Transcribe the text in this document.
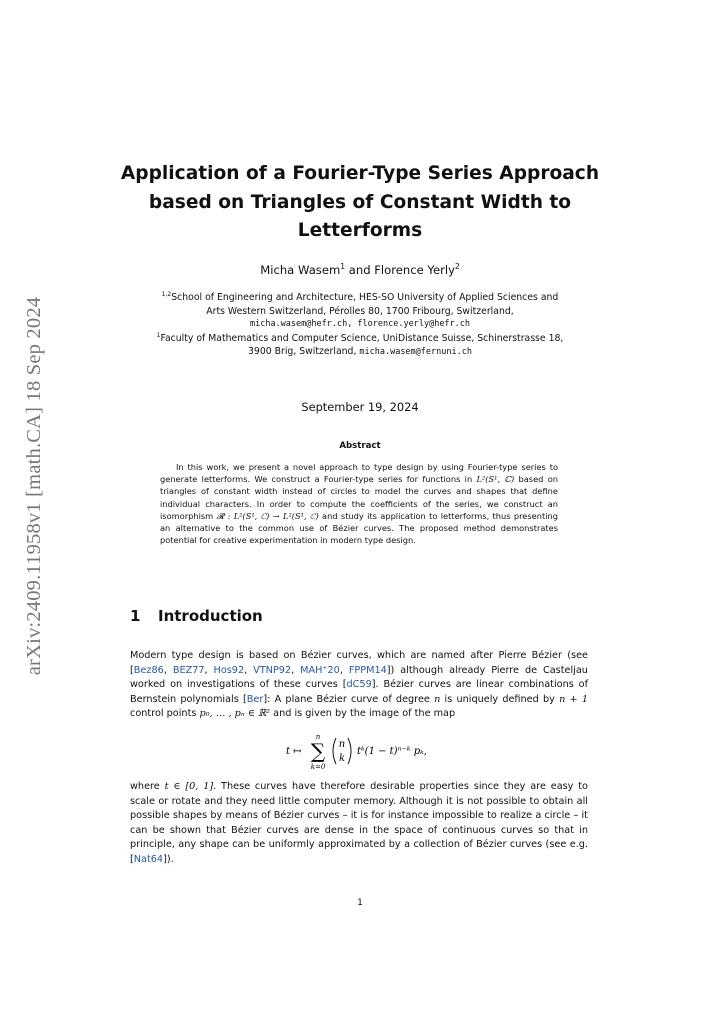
arXiv:2409.11958v1 [math.CA] 18 Sep 2024
Application of a Fourier-Type Series Approach
based on Triangles of Constant Width to
Letterforms
Micha Wasem$^1$ and Florence Yerly$^2$
$^{1,2}$School of Engineering and Architecture, HES-SO University of Applied Sciences and
Arts Western Switzerland, Pérolles 80, 1700 Fribourg, Switzerland,
micha.wasem@hefr.ch, florence.yerly@hefr.ch
$^1$Faculty of Mathematics and Computer Science, UniDistance Suisse, Schinerstrasse 18,
3900 Brig, Switzerland, micha.wasem@fernuni.ch
September 19, 2024
Abstract
In this work, we present a novel approach to type design by using Fourier-type series to generate letterforms. We construct a Fourier-type series for functions in L²(S¹, ℂ) based on triangles of constant width instead of circles to model the curves and shapes that define individual characters. In order to compute the coefficients of the series, we construct an isomorphism 𝓡 : L²(S¹, ℂ) → L²(S¹, ℂ) and study its application to letterforms, thus presenting an alternative to the common use of Bézier curves. The proposed method demonstrates potential for creative experimentation in modern type design.
1 Introduction
Modern type design is based on Bézier curves, which are named after Pierre Bézier (see [Bez86, BEZ77, Hos92, VTNP92, MAH⁺20, FPPM14]) although already Pierre de Casteljau worked on investigations of these curves [dC59]. Bézier curves are linear combinations of Bernstein polynomials [Ber]: A plane Bézier curve of degree n is uniquely defined by n + 1 control points p₀, … , pₙ ∈ ℝ² and is given by the image of the map
t ↦
n
∑
k=0
n
k
tᵏ(1 − t)ⁿ⁻ᵏ pₖ,
where t ∈ [0, 1]. These curves have therefore desirable properties since they are easy to scale or rotate and they need little computer memory. Although it is not possible to obtain all possible shapes by means of Bézier curves – it is for instance impossible to realize a circle – it can be shown that Bézier curves are dense in the space of continuous curves so that in principle, any shape can be uniformly approximated by a collection of Bézier curves (see e.g. [Nat64]).
1
